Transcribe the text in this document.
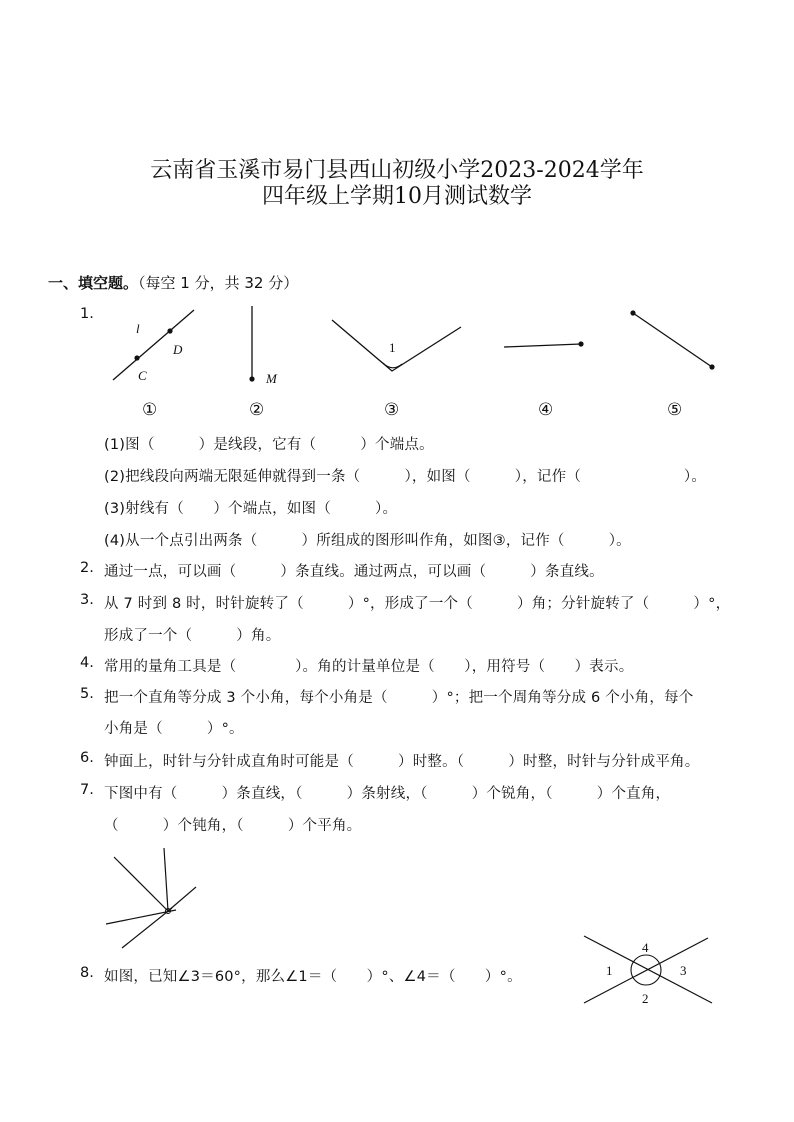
云南省玉溪市易门县西山初级小学2023-2024学年
四年级上学期10月测试数学
一、填空题。（每空 1 分，共 32 分）
1.
l
D
C	M
1
①	②	③	④	⑤
(1)图（　　　）是线段，它有（　　　）个端点。
(2)把线段向两端无限延伸就得到一条（　　　），如图（　　　），记作（　　　　　　　）。
(3)射线有（　　）个端点，如图（　　　）。
(4)从一个点引出两条（　　　）所组成的图形叫作角，如图③，记作（　　　）。
2. 通过一点，可以画（　　　）条直线。通过两点，可以画（　　　）条直线。
3. 从 7 时到 8 时，时针旋转了（　　　）°，形成了一个（　　　）角；分针旋转了（　　　）°，
形成了一个（　　　）角。
4. 常用的量角工具是（　　　　）。角的计量单位是（　　），用符号（　　）表示。
5. 把一个直角等分成 3 个小角，每个小角是（　　　）°；把一个周角等分成 6 个小角，每个
小角是（　　　）°。
6. 钟面上，时针与分针成直角时可能是（　　　）时整。（　　　）时整，时针与分针成平角。
7. 下图中有（　　　）条直线，（　　　）条射线，（　　　）个锐角，（　　　）个直角，
（　　　）个钝角，（　　　）个平角。
8. 如图，已知∠3＝60°，那么∠1＝（　　）°、∠4＝（　　）°。
4
1	3
2
